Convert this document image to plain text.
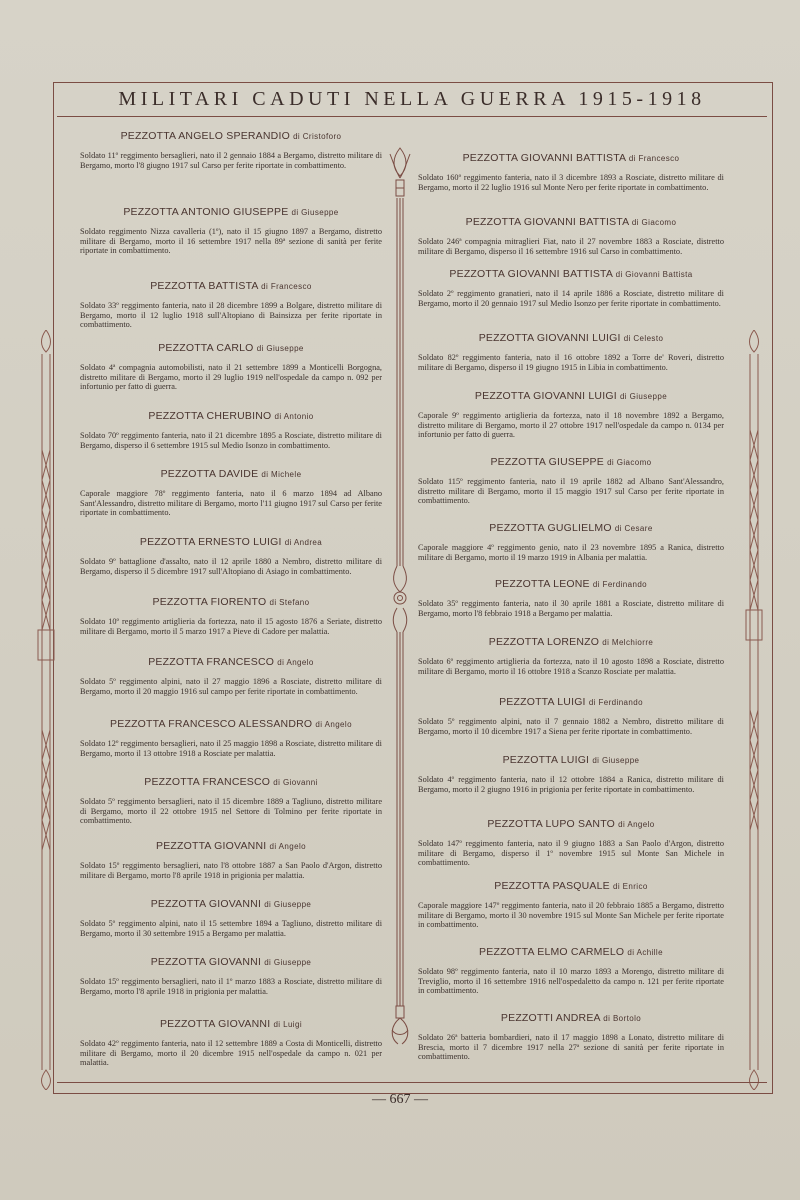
MILITARI CADUTI NELLA GUERRA 1915-1918
PEZZOTTA ANGELO SPERANDIO di Cristoforo
Soldato 11º reggimento bersaglieri, nato il 2 gennaio 1884 a Bergamo, distretto militare di Bergamo, morto l'8 giugno 1917 sul Carso per ferite riportate in combattimento.
PEZZOTTA ANTONIO GIUSEPPE di Giuseppe
Soldato reggimento Nizza cavalleria (1º), nato il 15 giugno 1897 a Bergamo, distretto militare di Bergamo, morto il 16 settembre 1917 nella 89ª sezione di sanità per ferite riportate in combattimento.
PEZZOTTA BATTISTA di Francesco
Soldato 33º reggimento fanteria, nato il 28 dicembre 1899 a Bolgare, distretto militare di Bergamo, morto il 12 luglio 1918 sull'Altopiano di Bainsizza per ferite riportate in combattimento.
PEZZOTTA CARLO di Giuseppe
Soldato 4ª compagnia automobilisti, nato il 21 settembre 1899 a Monticelli Borgogna, distretto militare di Bergamo, morto il 29 luglio 1919 nell'ospedale da campo n. 092 per infortunio per fatto di guerra.
PEZZOTTA CHERUBINO di Antonio
Soldato 70º reggimento fanteria, nato il 21 dicembre 1895 a Rosciate, distretto militare di Bergamo, disperso il 6 settembre 1915 sul Medio Isonzo in combattimento.
PEZZOTTA DAVIDE di Michele
Caporale maggiore 78º reggimento fanteria, nato il 6 marzo 1894 ad Albano Sant'Alessandro, distretto militare di Bergamo, morto l'11 giugno 1917 sul Carso per ferite riportate in combattimento.
PEZZOTTA ERNESTO LUIGI di Andrea
Soldato 9º battaglione d'assalto, nato il 12 aprile 1880 a Nembro, distretto militare di Bergamo, disperso il 5 dicembre 1917 sull'Altopiano di Asiago in combattimento.
PEZZOTTA FIORENTO di Stefano
Soldato 10º reggimento artiglieria da fortezza, nato il 15 agosto 1876 a Seriate, distretto militare di Bergamo, morto il 5 marzo 1917 a Pieve di Cadore per malattia.
PEZZOTTA FRANCESCO di Angelo
Soldato 5º reggimento alpini, nato il 27 maggio 1896 a Rosciate, distretto militare di Bergamo, morto il 20 maggio 1916 sul campo per ferite riportate in combattimento.
PEZZOTTA FRANCESCO ALESSANDRO di Angelo
Soldato 12º reggimento bersaglieri, nato il 25 maggio 1898 a Rosciate, distretto militare di Bergamo, morto il 13 ottobre 1918 a Rosciate per malattia.
PEZZOTTA FRANCESCO di Giovanni
Soldato 5º reggimento bersaglieri, nato il 15 dicembre 1889 a Tagliuno, distretto militare di Bergamo, morto il 22 ottobre 1915 nel Settore di Tolmino per ferite riportate in combattimento.
PEZZOTTA GIOVANNI di Angelo
Soldato 15º reggimento bersaglieri, nato l'8 ottobre 1887 a San Paolo d'Argon, distretto militare di Bergamo, morto l'8 aprile 1918 in prigionia per malattia.
PEZZOTTA GIOVANNI di Giuseppe
Soldato 5º reggimento alpini, nato il 15 settembre 1894 a Tagliuno, distretto militare di Bergamo, morto il 30 settembre 1915 a Bergamo per malattia.
PEZZOTTA GIOVANNI di Giuseppe
Soldato 15º reggimento bersaglieri, nato il 1º marzo 1883 a Rosciate, distretto militare di Bergamo, morto l'8 aprile 1918 in prigionia per malattia.
PEZZOTTA GIOVANNI di Luigi
Soldato 42º reggimento fanteria, nato il 12 settembre 1889 a Costa di Monticelli, distretto militare di Bergamo, morto il 20 dicembre 1915 nell'ospedale da campo n. 021 per malattia.
PEZZOTTA GIOVANNI BATTISTA di Francesco
Soldato 160º reggimento fanteria, nato il 3 dicembre 1893 a Rosciate, distretto militare di Bergamo, morto il 22 luglio 1916 sul Monte Nero per ferite riportate in combattimento.
PEZZOTTA GIOVANNI BATTISTA di Giacomo
Soldato 246ª compagnia mitraglieri Fiat, nato il 27 novembre 1883 a Rosciate, distretto militare di Bergamo, disperso il 16 settembre 1916 sul Carso in combattimento.
PEZZOTTA GIOVANNI BATTISTA di Giovanni Battista
Soldato 2º reggimento granatieri, nato il 14 aprile 1886 a Rosciate, distretto militare di Bergamo, morto il 20 gennaio 1917 sul Medio Isonzo per ferite riportate in combattimento.
PEZZOTTA GIOVANNI LUIGI di Celesto
Soldato 82º reggimento fanteria, nato il 16 ottobre 1892 a Torre de' Roveri, distretto militare di Bergamo, disperso il 19 giugno 1915 in Libia in combattimento.
PEZZOTTA GIOVANNI LUIGI di Giuseppe
Caporale 9º reggimento artiglieria da fortezza, nato il 18 novembre 1892 a Bergamo, distretto militare di Bergamo, morto il 27 ottobre 1917 nell'ospedale da campo n. 0134 per infortunio per fatto di guerra.
PEZZOTTA GIUSEPPE di Giacomo
Soldato 115º reggimento fanteria, nato il 19 aprile 1882 ad Albano Sant'Alessandro, distretto militare di Bergamo, morto il 15 maggio 1917 sul Carso per ferite riportate in combattimento.
PEZZOTTA GUGLIELMO di Cesare
Caporale maggiore 4º reggimento genio, nato il 23 novembre 1895 a Ranica, distretto militare di Bergamo, morto il 19 marzo 1919 in Albania per malattia.
PEZZOTTA LEONE di Ferdinando
Soldato 35º reggimento fanteria, nato il 30 aprile 1881 a Rosciate, distretto militare di Bergamo, morto l'8 febbraio 1918 a Bergamo per malattia.
PEZZOTTA LORENZO di Melchiorre
Soldato 6º reggimento artiglieria da fortezza, nato il 10 agosto 1898 a Rosciate, distretto militare di Bergamo, morto il 16 ottobre 1918 a Scanzo Rosciate per malattia.
PEZZOTTA LUIGI di Ferdinando
Soldato 5º reggimento alpini, nato il 7 gennaio 1882 a Nembro, distretto militare di Bergamo, morto il 10 dicembre 1917 a Siena per ferite riportate in combattimento.
PEZZOTTA LUIGI di Giuseppe
Soldato 4º reggimento fanteria, nato il 12 ottobre 1884 a Ranica, distretto militare di Bergamo, morto il 2 giugno 1916 in prigionia per ferite riportate in combattimento.
PEZZOTTA LUPO SANTO di Angelo
Soldato 147º reggimento fanteria, nato il 9 giugno 1883 a San Paolo d'Argon, distretto militare di Bergamo, disperso il 1º novembre 1915 sul Monte San Michele in combattimento.
PEZZOTTA PASQUALE di Enrico
Caporale maggiore 147º reggimento fanteria, nato il 20 febbraio 1885 a Bergamo, distretto militare di Bergamo, morto il 30 novembre 1915 sul Monte San Michele per ferite riportate in combattimento.
PEZZOTTA ELMO CARMELO di Achille
Soldato 98º reggimento fanteria, nato il 10 marzo 1893 a Morengo, distretto militare di Treviglio, morto il 16 settembre 1916 nell'ospedaletto da campo n. 121 per ferite riportate in combattimento.
PEZZOTTI ANDREA di Bortolo
Soldato 26ª batteria bombardieri, nato il 17 maggio 1898 a Lonato, distretto militare di Brescia, morto il 7 dicembre 1917 nella 27ª sezione di sanità per ferite riportate in combattimento.
— 667 —
